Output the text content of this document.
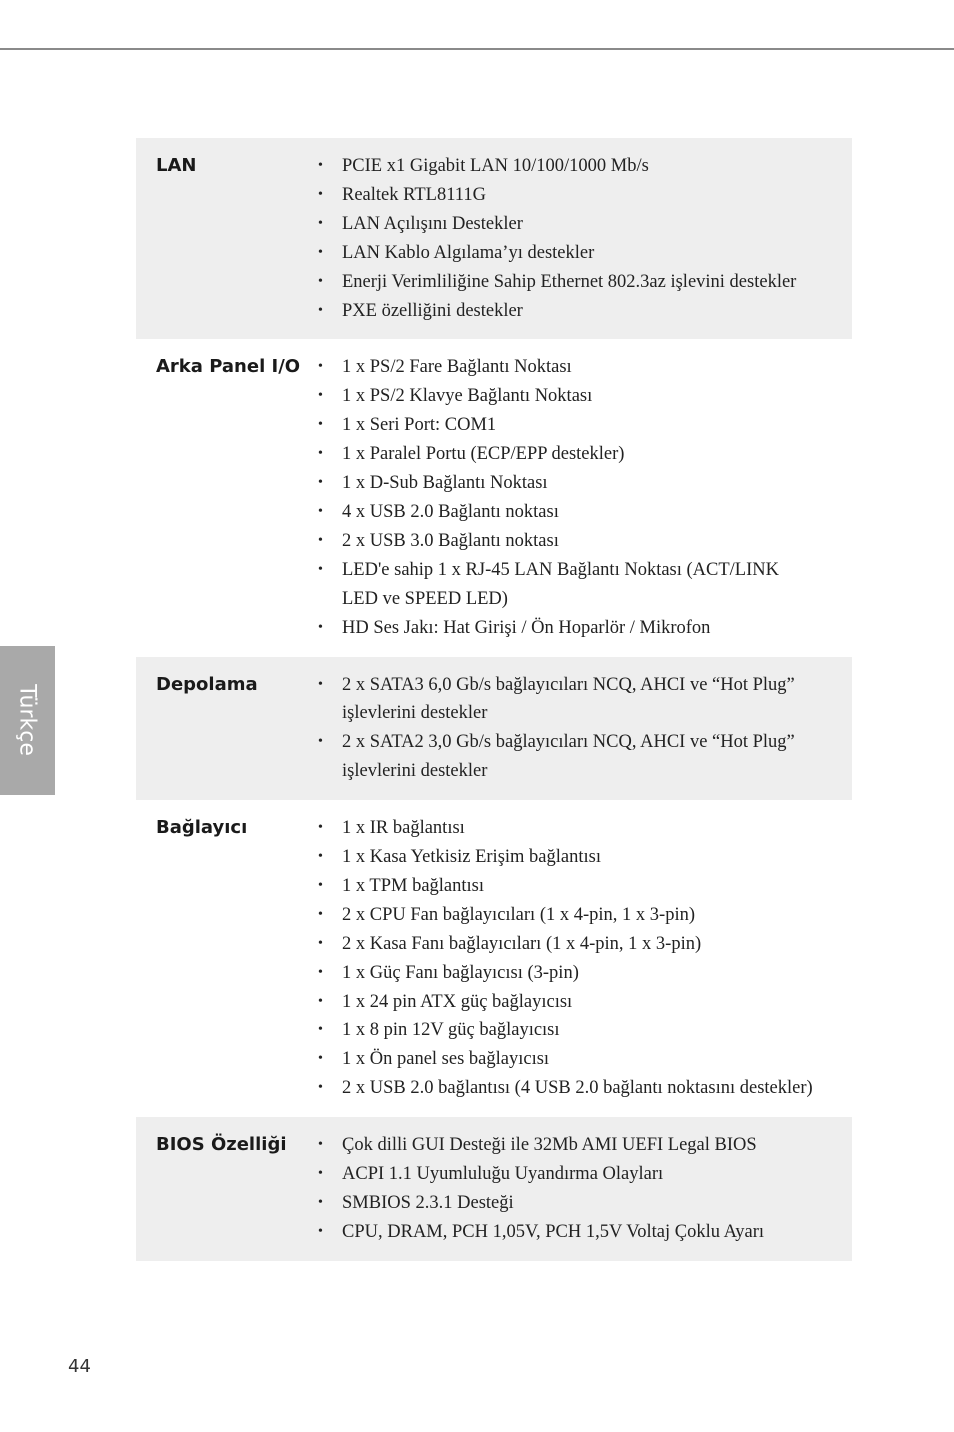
LAN	•	PCIE x1 Gigabit LAN 10/100/1000 Mb/s
•	Realtek RTL8111G
•	LAN Açılışını Destekler
•	LAN Kablo Algılama’yı destekler
•	Enerji Verimliliğine Sahip Ethernet 802.3az işlevini destekler
•	PXE özelliğini destekler
Arka Panel I/O	•	1 x PS/2 Fare Bağlantı Noktası
•	1 x PS/2 Klavye Bağlantı Noktası
•	1 x Seri Port: COM1
•	1 x Paralel Portu (ECP/EPP destekler)
•	1 x D-Sub Bağlantı Noktası
•	4 x USB 2.0 Bağlantı noktası
•	2 x USB 3.0 Bağlantı noktası
•	LED'e sahip 1 x RJ-45 LAN Bağlantı Noktası (ACT/LINK
LED ve SPEED LED)
•	HD Ses Jakı: Hat Girişi / Ön Hoparlör / Mikrofon
Depolama	•	2 x SATA3 6,0 Gb/s bağlayıcıları NCQ, AHCI ve “Hot Plug”
işlevlerini destekler
•	2 x SATA2 3,0 Gb/s bağlayıcıları NCQ, AHCI ve “Hot Plug”
işlevlerini destekler
Bağlayıcı	•	1 x IR bağlantısı
•	1 x Kasa Yetkisiz Erişim bağlantısı
•	1 x TPM bağlantısı
•	2 x CPU Fan bağlayıcıları (1 x 4-pin, 1 x 3-pin)
•	2 x Kasa Fanı bağlayıcıları (1 x 4-pin, 1 x 3-pin)
•	1 x Güç Fanı bağlayıcısı (3-pin)
•	1 x 24 pin ATX güç bağlayıcısı
•	1 x 8 pin 12V güç bağlayıcısı
•	1 x Ön panel ses bağlayıcısı
•	2 x USB 2.0 bağlantısı (4 USB 2.0 bağlantı noktasını destekler)
BIOS Özelliği	•	Çok dilli GUI Desteği ile 32Mb AMI UEFI Legal BIOS
•	ACPI 1.1 Uyumluluğu Uyandırma Olayları
•	SMBIOS 2.3.1 Desteği
•	CPU, DRAM, PCH 1,05V, PCH 1,5V Voltaj Çoklu Ayarı
Türkçe
44
